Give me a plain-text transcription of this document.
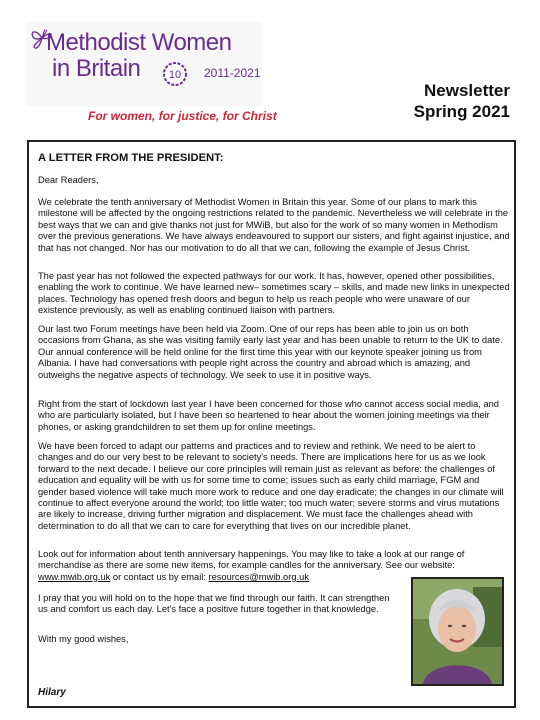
Methodist Women
in Britain	10 2011-2021
For women, for justice, for Christ
Newsletter
Spring 2021
A LETTER FROM THE PRESIDENT:

Dear Readers,

We celebrate the tenth anniversary of Methodist Women in Britain this year. Some of our plans to mark this milestone will be affected by the ongoing restrictions related to the pandemic. Nevertheless we will celebrate in the best ways that we can and give thanks not just for MWiB, but also for the work of so many women in Methodism over the previous generations. We have always endeavoured to support our sisters, and fight against injustice, and that has not changed. Nor has our motivation to do all that we can, following the example of Jesus Christ.

The past year has not followed the expected pathways for our work. It has, however, opened other possibilities, enabling the work to continue. We have learned new– sometimes scary – skills, and made new links in unexpected places. Technology has opened fresh doors and begun to help us reach people who were unaware of our existence previously, as well as enabling continued liaison with partners.

Our last two Forum meetings have been held via Zoom. One of our reps has been able to join us on both occasions from Ghana, as she was visiting family early last year and has been unable to return to the UK to date. Our annual conference will be held online for the first time this year with our keynote speaker joining us from Albania. I have had conversations with people right across the country and abroad which is amazing, and outweighs the negative aspects of technology. We seek to use it in positive ways.

Right from the start of lockdown last year I have been concerned for those who cannot access social media, and who are particularly isolated, but I have been so heartened to hear about the women joining meetings via their phones, or asking grandchildren to set them up for online meetings.

We have been forced to adapt our patterns and practices and to review and rethink. We need to be alert to changes and do our very best to be relevant to society's needs. There are implications here for us as we look forward to the next decade. I believe our core principles will remain just as relevant as before: the challenges of education and equality will be with us for some time to come; issues such as early child marriage, FGM and gender based violence will take much more work to reduce and one day eradicate; the changes in our climate will continue to affect everyone around the world; too little water; too much water; severe storms and virus mutations are likely to increase, driving further migration and displacement. We must face the challenges ahead with determination to do all that we can to care for everything that lives on our incredible planet.

Look out for information about tenth anniversary happenings. You may like to take a look at our range of merchandise as there are some new items, for example candles for the anniversary. See our website: www.mwib.org.uk or contact us by email: resources@mwib.org.uk

I pray that you will hold on to the hope that we find through our faith. It can strengthen us and comfort us each day. Let's face a positive future together in that knowledge.

With my good wishes,

Hilary
